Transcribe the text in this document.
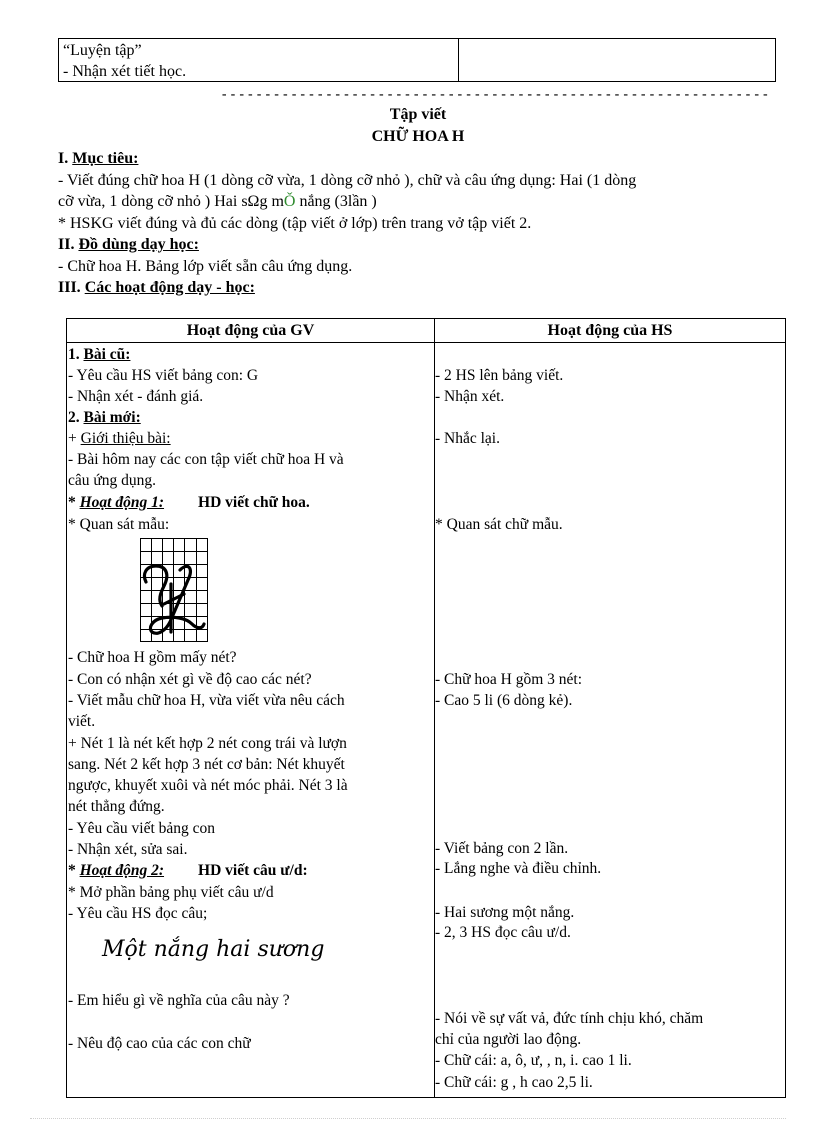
“Luyện tập”
- Nhận xét tiết học.
---------------------------------------------------------------
Tập viết
CHỮ HOA H
I. Mục tiêu:
- Viết đúng chữ hoa H (1 dòng cỡ vừa, 1 dòng cỡ nhỏ ), chữ và câu ứng dụng: Hai (1 dòng
cỡ vừa, 1 dòng cỡ nhỏ ) Hai sΩg mǑ nắng (3lần )
* HSKG viết đúng và đủ các dòng (tập viết ở lớp) trên trang vở tập viết 2.
II. Đồ dùng dạy học:
- Chữ hoa H. Bảng lớp viết sẵn câu ứng dụng.
III. Các hoạt động dạy - học:
Hoạt động của GV	Hoạt động của HS
1. Bài cũ:
- Yêu cầu HS viết bảng con: G
- Nhận xét - đánh giá.
2. Bài mới:
+ Giới thiệu bài:
- Bài hôm nay các con tập viết chữ hoa H và
câu ứng dụng.
* Hoạt động 1: HD viết chữ hoa.
* Quan sát mẫu:
- Chữ hoa H gồm mấy nét?
- Con có nhận xét gì về độ cao các nét?
- Viết mẫu chữ hoa H, vừa viết vừa nêu cách
viết.
+ Nét 1 là nét kết hợp 2 nét cong trái và lượn
sang. Nét 2 kết hợp 3 nét cơ bản: Nét khuyết
ngược, khuyết xuôi và nét móc phải. Nét 3 là
nét thẳng đứng.
- Yêu cầu viết bảng con
- Nhận xét, sửa sai.
* Hoạt động 2: HD viết câu ư/d:
* Mở phần bảng phụ viết câu ư/d
- Yêu cầu HS đọc câu;
- Em hiểu gì về nghĩa của câu này ?
- Nêu độ cao của các con chữ
- 2 HS lên bảng viết.
- Nhận xét.
- Nhắc lại.
* Quan sát chữ mẫu.
- Chữ hoa H gồm 3 nét:
- Cao 5 li (6 dòng kẻ).
- Viết bảng con 2 lần.
- Lắng nghe và điều chỉnh.
- Hai sương một nắng.
- 2, 3 HS đọc câu ư/d.
- Nói về sự vất vả, đức tính chịu khó, chăm
chỉ của người lao động.
- Chữ cái: a, ô, ư, , n, i. cao 1 li.
- Chữ cái: g , h cao 2,5 li.
Một nắng hai sương
